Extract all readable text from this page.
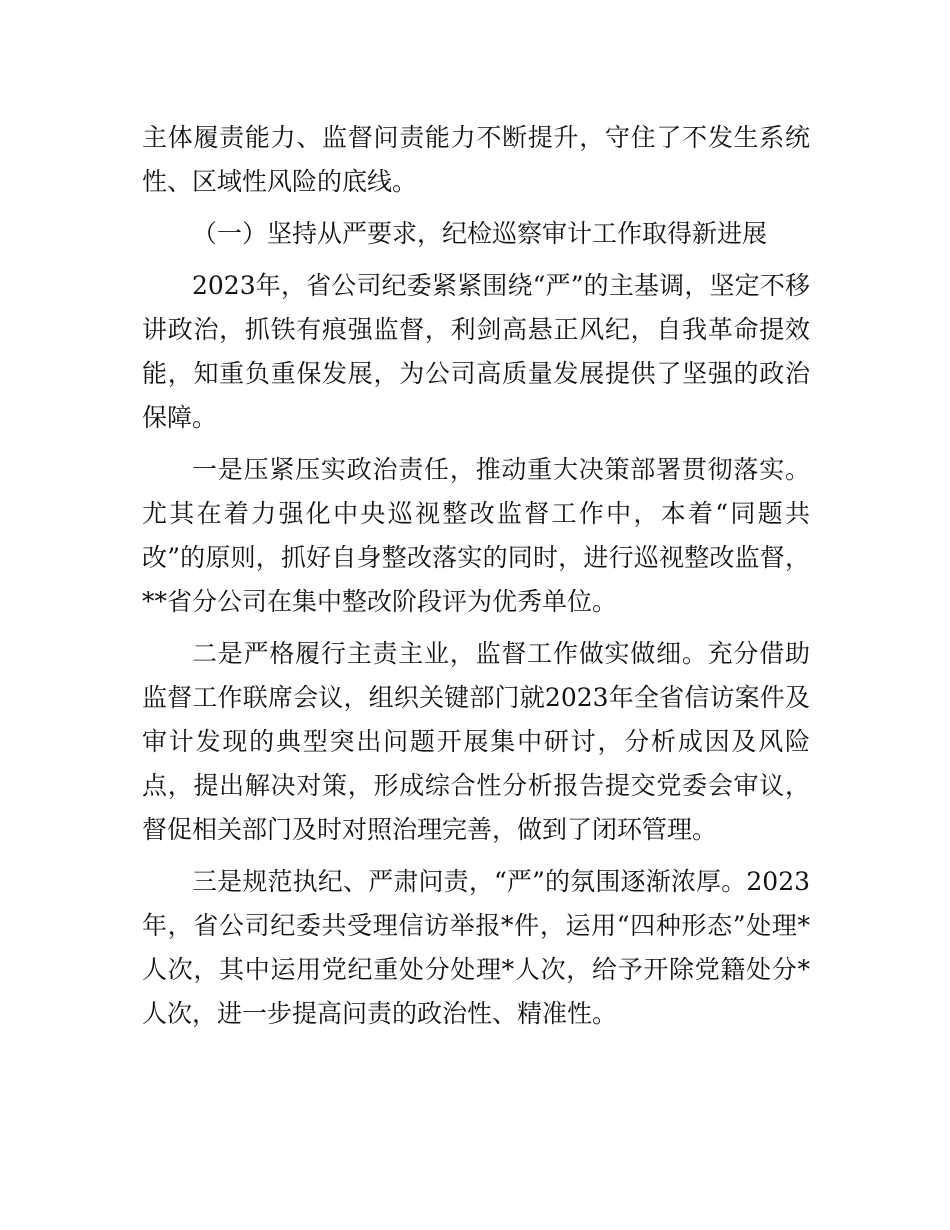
主体履责能力、监督问责能力不断提升，守住了不发生系统性、区域性风险的底线。

（一）坚持从严要求，纪检巡察审计工作取得新进展

2023年，省公司纪委紧紧围绕“严”的主基调，坚定不移讲政治，抓铁有痕强监督，利剑高悬正风纪，自我革命提效能，知重负重保发展，为公司高质量发展提供了坚强的政治保障。

一是压紧压实政治责任，推动重大决策部署贯彻落实。尤其在着力强化中央巡视整改监督工作中，本着“同题共改”的原则，抓好自身整改落实的同时，进行巡视整改监督，**省分公司在集中整改阶段评为优秀单位。

二是严格履行主责主业，监督工作做实做细。充分借助监督工作联席会议，组织关键部门就2023年全省信访案件及审计发现的典型突出问题开展集中研讨，分析成因及风险点，提出解决对策，形成综合性分析报告提交党委会审议，督促相关部门及时对照治理完善，做到了闭环管理。

三是规范执纪、严肃问责，“严”的氛围逐渐浓厚。2023年，省公司纪委共受理信访举报*件，运用“四种形态”处理*人次，其中运用党纪重处分处理*人次，给予开除党籍处分*人次，进一步提高问责的政治性、精准性。
